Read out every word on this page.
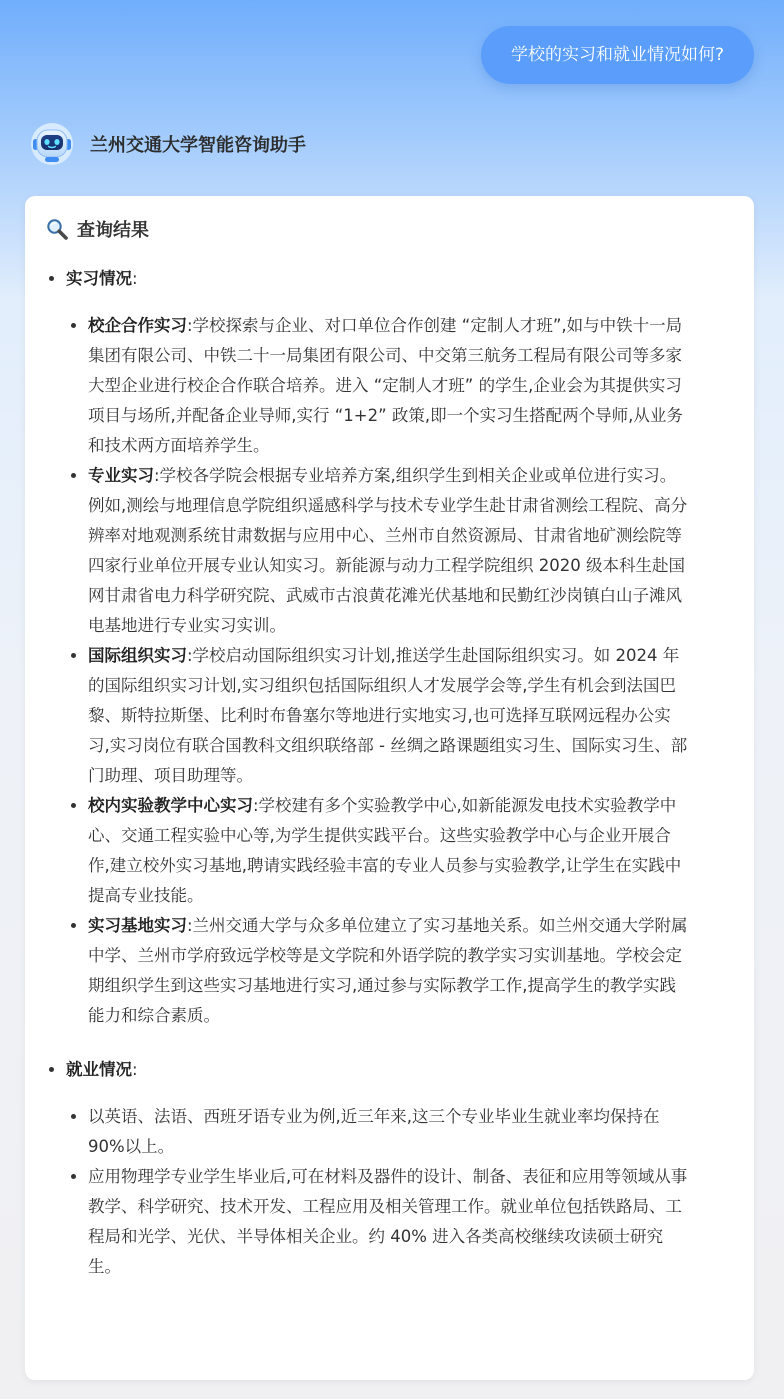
学校的实习和就业情况如何?
兰州交通大学智能咨询助手
查询结果
• 实习情况:
• 校企合作实习:学校探索与企业、对口单位合作创建 “定制人才班”,如与中铁十一局集团有限公司、中铁二十一局集团有限公司、中交第三航务工程局有限公司等多家大型企业进行校企合作联合培养。进入 “定制人才班” 的学生,企业会为其提供实习项目与场所,并配备企业导师,实行 “1+2” 政策,即一个实习生搭配两个导师,从业务和技术两方面培养学生。
• 专业实习:学校各学院会根据专业培养方案,组织学生到相关企业或单位进行实习。例如,测绘与地理信息学院组织遥感科学与技术专业学生赴甘肃省测绘工程院、高分辨率对地观测系统甘肃数据与应用中心、兰州市自然资源局、甘肃省地矿测绘院等四家行业单位开展专业认知实习。新能源与动力工程学院组织 2020 级本科生赴国网甘肃省电力科学研究院、武威市古浪黄花滩光伏基地和民勤红沙岗镇白山子滩风电基地进行专业实习实训。
• 国际组织实习:学校启动国际组织实习计划,推送学生赴国际组织实习。如 2024 年的国际组织实习计划,实习组织包括国际组织人才发展学会等,学生有机会到法国巴黎、斯特拉斯堡、比利时布鲁塞尔等地进行实地实习,也可选择互联网远程办公实习,实习岗位有联合国教科文组织联络部 - 丝绸之路课题组实习生、国际实习生、部门助理、项目助理等。
• 校内实验教学中心实习:学校建有多个实验教学中心,如新能源发电技术实验教学中心、交通工程实验中心等,为学生提供实践平台。这些实验教学中心与企业开展合作,建立校外实习基地,聘请实践经验丰富的专业人员参与实验教学,让学生在实践中提高专业技能。
• 实习基地实习:兰州交通大学与众多单位建立了实习基地关系。如兰州交通大学附属中学、兰州市学府致远学校等是文学院和外语学院的教学实习实训基地。学校会定期组织学生到这些实习基地进行实习,通过参与实际教学工作,提高学生的教学实践能力和综合素质。
• 就业情况:
• 以英语、法语、西班牙语专业为例,近三年来,这三个专业毕业生就业率均保持在90%以上。
• 应用物理学专业学生毕业后,可在材料及器件的设计、制备、表征和应用等领域从事教学、科学研究、技术开发、工程应用及相关管理工作。就业单位包括铁路局、工程局和光学、光伏、半导体相关企业。约 40% 进入各类高校继续攻读硕士研究生。
